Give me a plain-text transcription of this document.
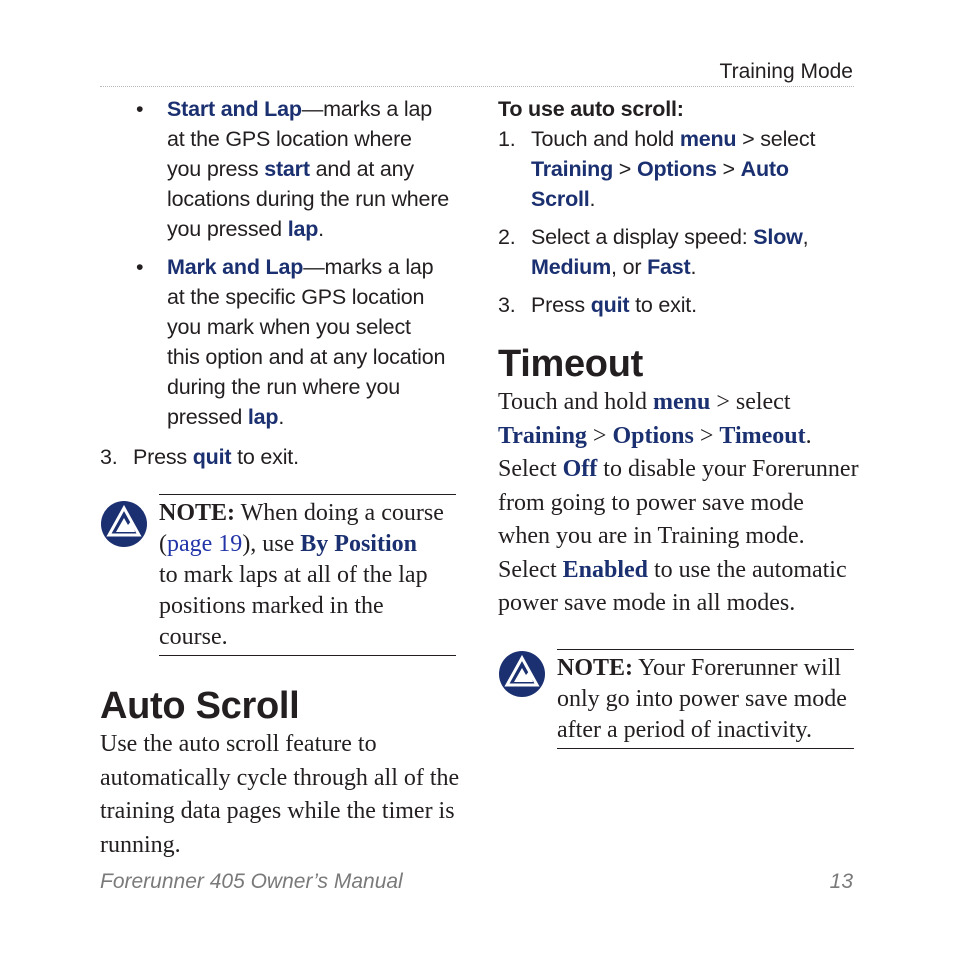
Training Mode
• Start and Lap—marks a lap
at the GPS location where
you press start and at any
locations during the run where
you pressed lap.
• Mark and Lap—marks a lap
at the specific GPS location
you mark when you select
this option and at any location
during the run where you
pressed lap.
3. Press quit to exit.
NOTE: When doing a course
(page 19), use By Position
to mark laps at all of the lap
positions marked in the course.
Auto Scroll
Use the auto scroll feature to
automatically cycle through all of the
training data pages while the timer is
running.
To use auto scroll:
1. Touch and hold menu > select
Training > Options > Auto
Scroll.
2. Select a display speed: Slow,
Medium, or Fast.
3. Press quit to exit.
Timeout
Touch and hold menu > select
Training > Options > Timeout.
Select Off to disable your Forerunner
from going to power save mode
when you are in Training mode.
Select Enabled to use the automatic
power save mode in all modes.
NOTE: Your Forerunner will
only go into power save mode
after a period of inactivity.
Forerunner 405 Owner’s Manual	13
